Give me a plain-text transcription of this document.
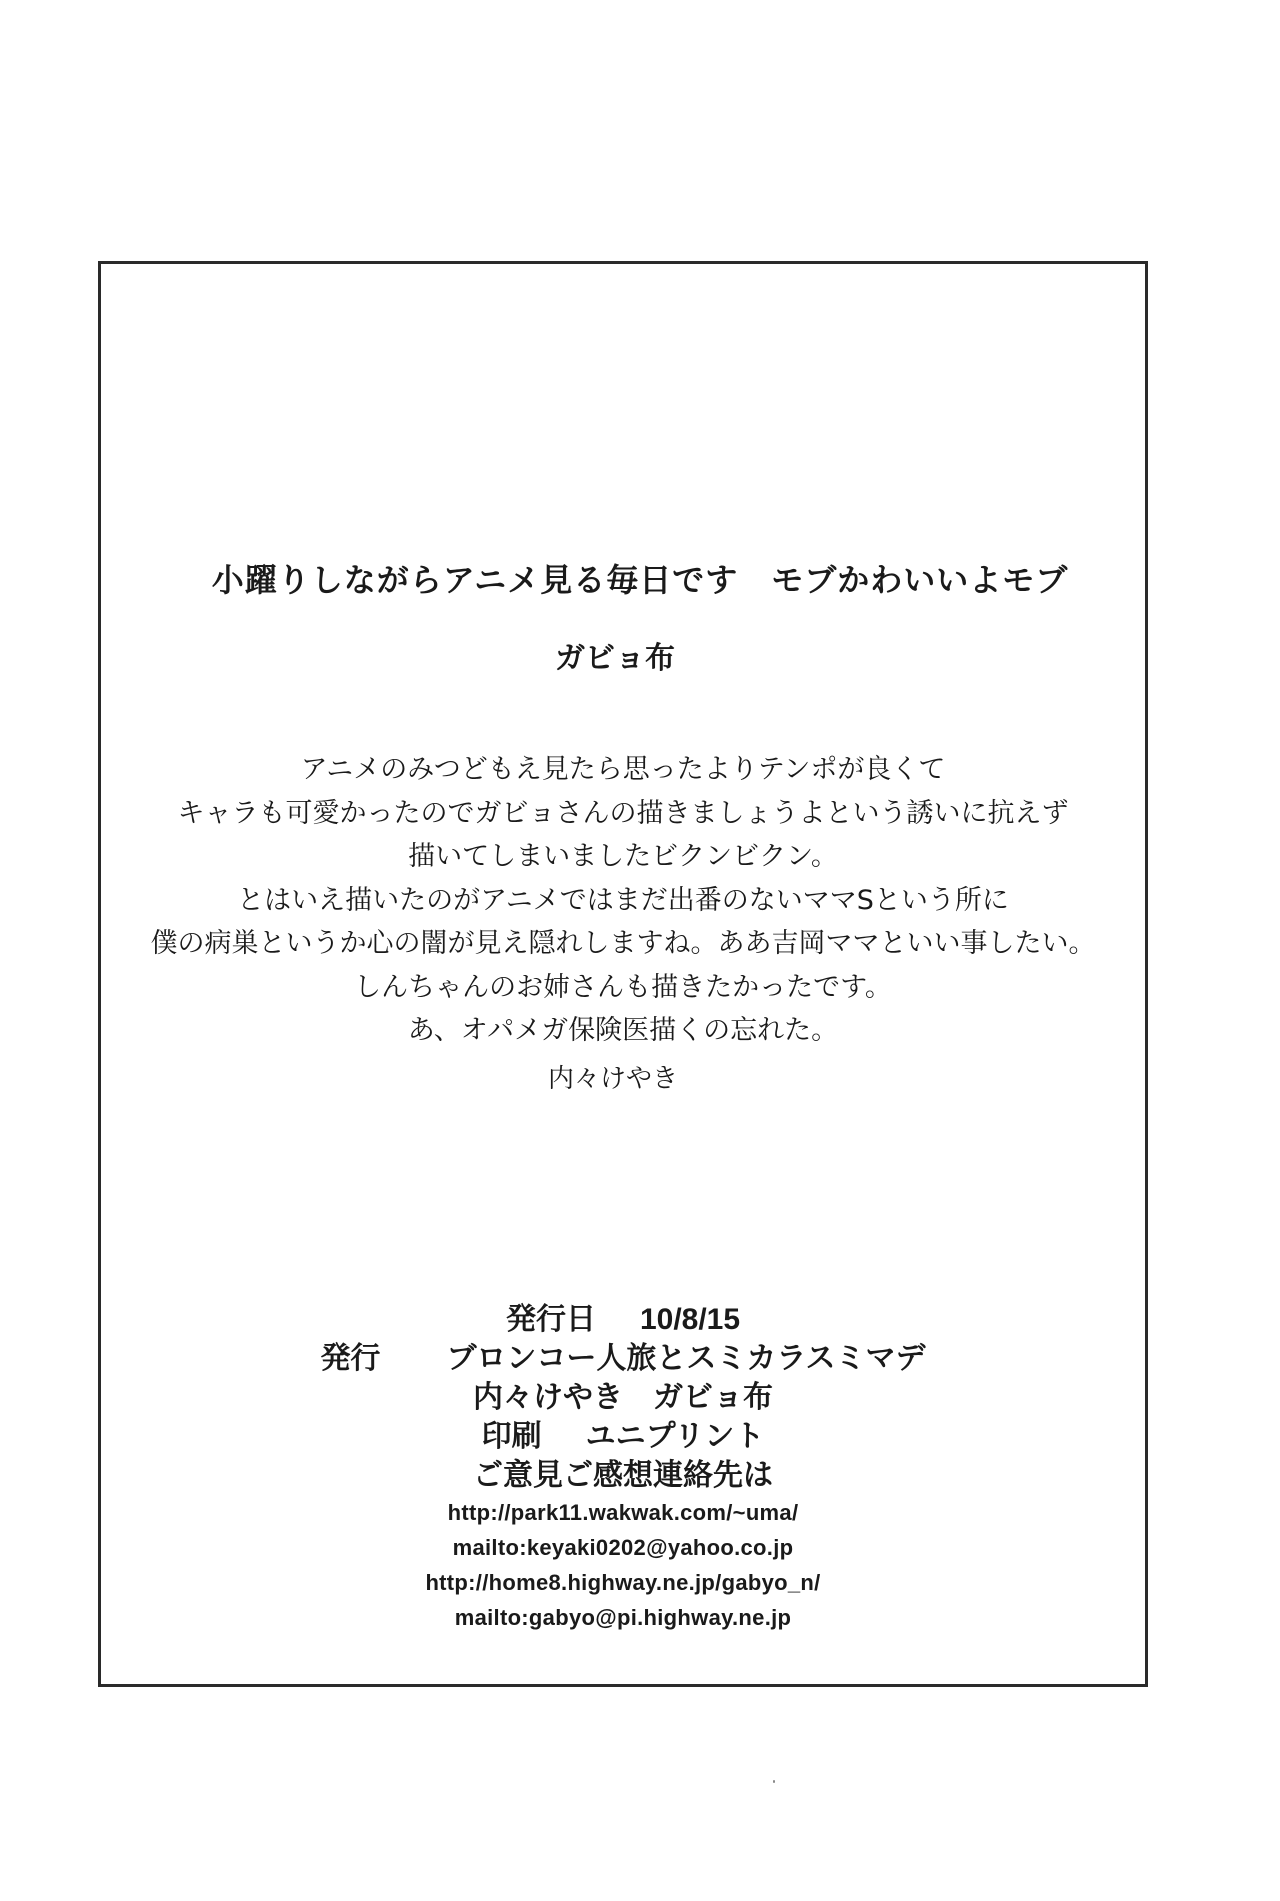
小躍りしながらアニメ見る毎日です　モブかわいいよモブ
ガビョ布
アニメのみつどもえ見たら思ったよりテンポが良くて
キャラも可愛かったのでガビョさんの描きましょうよという誘いに抗えず
描いてしまいましたビクンビクン。
とはいえ描いたのがアニメではまだ出番のないママSという所に
僕の病巣というか心の闇が見え隠れしますね。ああ吉岡ママといい事したい。
しんちゃんのお姉さんも描きたかったです。
あ、オパメガ保険医描くの忘れた。
内々けやき
発行日 10/8/15
発行 ブロンコー人旅とスミカラスミマデ
内々けやき　ガビョ布
印刷 ユニプリント
ご意見ご感想連絡先は
http://park11.wakwak.com/~uma/
mailto:keyaki0202@yahoo.co.jp
http://home8.highway.ne.jp/gabyo_n/
mailto:gabyo@pi.highway.ne.jp
